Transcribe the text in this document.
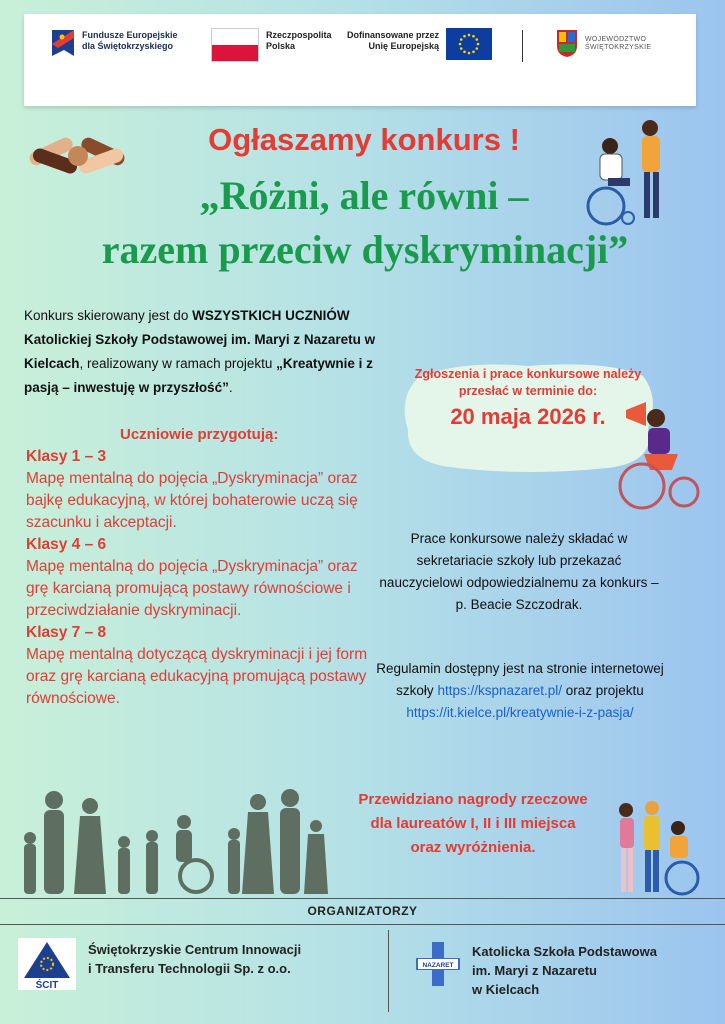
Fundusze Europejskie
dla Świętokrzyskiego
Rzeczpospolita
Polska
Dofinansowane przez
Unię Europejską
WOJEWÓDZTWO
ŚWIĘTOKRZYSKIE
Ogłaszamy konkurs !
„Różni, ale równi –
razem przeciw dyskryminacji”
Konkurs skierowany jest do WSZYSTKICH UCZNIÓW Katolickiej Szkoły Podstawowej im. Maryi z Nazaretu w Kielcach, realizowany w ramach projektu „Kreatywnie i z pasją – inwestuję w przyszłość”.
Uczniowie przygotują:
Klasy 1 – 3
Mapę mentalną do pojęcia „Dyskryminacja” oraz bajkę edukacyjną, w której bohaterowie uczą się szacunku i akceptacji.
Klasy 4 – 6
Mapę mentalną do pojęcia „Dyskryminacja” oraz grę karcianą promującą postawy równościowe i przeciwdziałanie dyskryminacji.
Klasy 7 – 8
Mapę mentalną dotyczącą dyskryminacji i jej form oraz grę karcianą edukacyjną promującą postawy równościowe.
Zgłoszenia i prace konkursowe należy przesłać w terminie do:
20 maja 2026 r.
Prace konkursowe należy składać w sekretariacie szkoły lub przekazać nauczycielowi odpowiedzialnemu za konkurs – p. Beacie Szczodrak.
Regulamin dostępny jest na stronie internetowej szkoły https://kspnazaret.pl/ oraz projektu
https://it.kielce.pl/kreatywnie-i-z-pasja/
Przewidziano nagrody rzeczowe
dla laureatów I, II i III miejsca
oraz wyróżnienia.
ORGANIZATORZY
ŚCIT
Świętokrzyskie Centrum Innowacji
i Transferu Technologii Sp. z o.o.	NAZARET
Katolicka Szkoła Podstawowa
im. Maryi z Nazaretu
w Kielcach
